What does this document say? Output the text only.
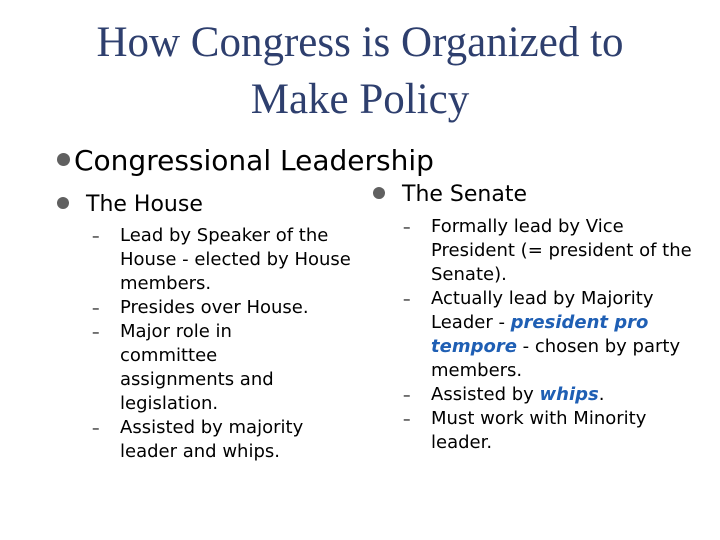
How Congress is Organized to
Make Policy
Congressional Leadership
The House
–	Lead by Speaker of the House - elected by House members.
–	Presides over House.
–	Major role in committee assignments and legislation.
–	Assisted by majority leader and whips.
The Senate
–	Formally lead by Vice President (= president of the Senate).
–	Actually lead by Majority Leader - president pro tempore - chosen by party members.
–	Assisted by whips.
–	Must work with Minority leader.
